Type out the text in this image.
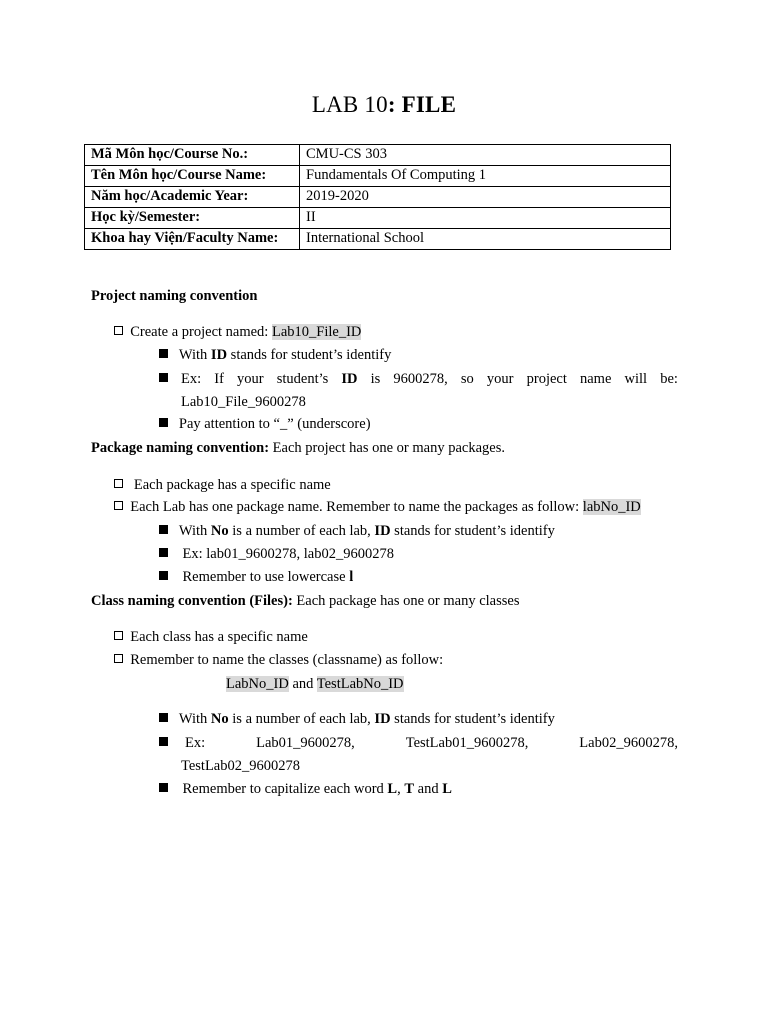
LAB 10: FILE
Mã Môn học/Course No.:	CMU-CS 303
Tên Môn học/Course Name:	Fundamentals Of Computing 1
Năm học/Academic Year:	2019-2020
Học kỳ/Semester:	II
Khoa hay Viện/Faculty Name:	International School
Project naming convention
Create a project named: Lab10_File_ID
With ID stands for student’s identify
Ex: If your student’s ID is 9600278, so your project name will be:
Lab10_File_9600278
Pay attention to “_” (underscore)
Package naming convention: Each project has one or many packages.
Each package has a specific name
Each Lab has one package name. Remember to name the packages as follow: labNo_ID
With No is a number of each lab, ID stands for student’s identify
Ex: lab01_9600278, lab02_9600278
Remember to use lowercase l
Class naming convention (Files): Each package has one or many classes
Each class has a specific name
Remember to name the classes (classname) as follow:
LabNo_ID and TestLabNo_ID
With No is a number of each lab, ID stands for student’s identify
Ex:	Lab01_9600278,	TestLab01_9600278,	Lab02_9600278,
TestLab02_9600278
Remember to capitalize each word L, T and L
